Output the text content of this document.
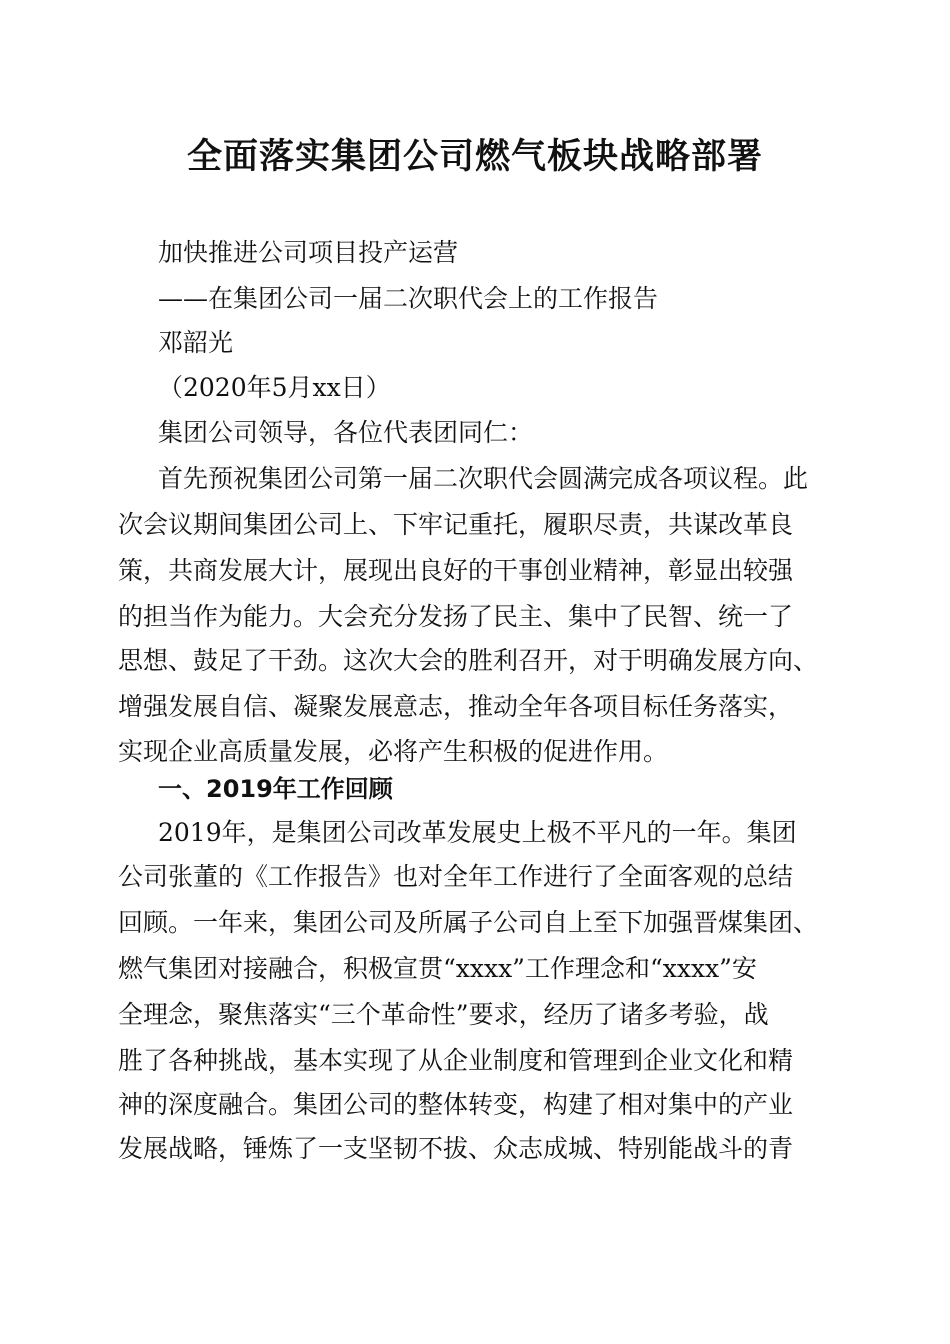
全面落实集团公司燃气板块战略部署
加快推进公司项目投产运营
——在集团公司一届二次职代会上的工作报告
邓韶光
（2020年5月xx日）
集团公司领导，各位代表团同仁：
首先预祝集团公司第一届二次职代会圆满完成各项议程。此
次会议期间集团公司上、下牢记重托，履职尽责，共谋改革良
策，共商发展大计，展现出良好的干事创业精神，彰显出较强
的担当作为能力。大会充分发扬了民主、集中了民智、统一了
思想、鼓足了干劲。这次大会的胜利召开，对于明确发展方向、
增强发展自信、凝聚发展意志，推动全年各项目标任务落实，
实现企业高质量发展，必将产生积极的促进作用。
一、2019年工作回顾
2019年，是集团公司改革发展史上极不平凡的一年。集团
公司张董的《工作报告》也对全年工作进行了全面客观的总结
回顾。一年来，集团公司及所属子公司自上至下加强晋煤集团、
燃气集团对接融合，积极宣贯“xxxx”工作理念和“xxxx”安
全理念，聚焦落实“三个革命性”要求，经历了诸多考验，战
胜了各种挑战，基本实现了从企业制度和管理到企业文化和精
神的深度融合。集团公司的整体转变，构建了相对集中的产业
发展战略，锤炼了一支坚韧不拔、众志成城、特别能战斗的青
